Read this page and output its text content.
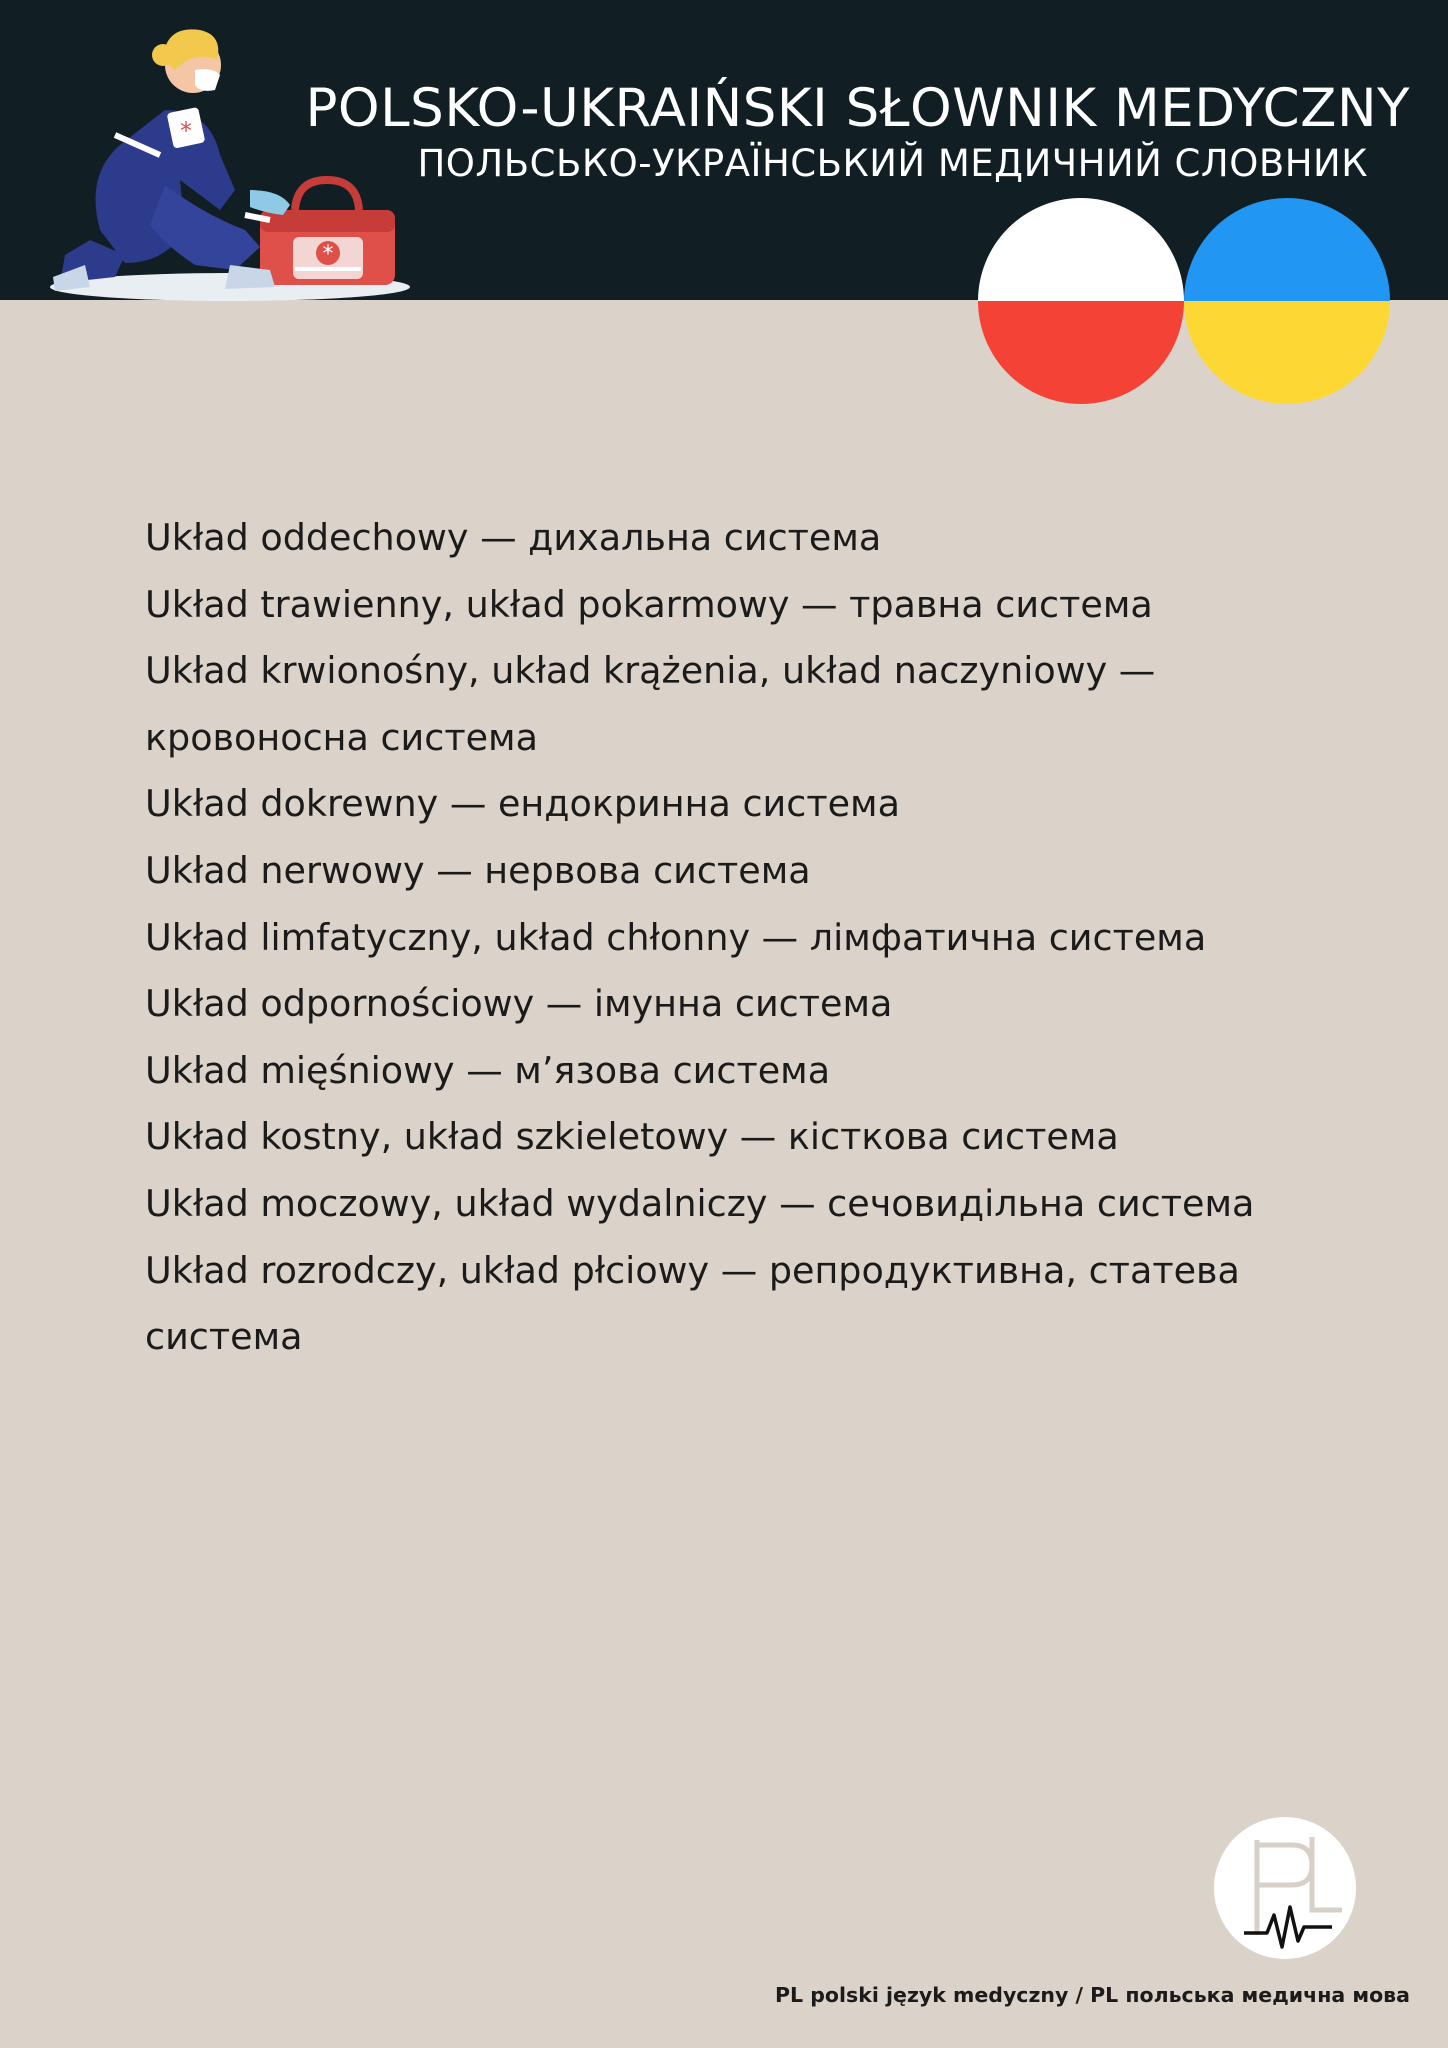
*
* POLSKO-UKRAIŃSKI SŁOWNIK MEDYCZNY
ПОЛЬСЬКО-УКРАЇНСЬКИЙ МЕДИЧНИЙ СЛОВНИК

Układ oddechowy — дихальна система

Układ trawienny, układ pokarmowy — травна система

Układ krwionośny, układ krążenia, układ naczyniowy — кровоносна система

Układ dokrewny — ендокринна система

Układ nerwowy — нервова система

Układ limfatyczny, układ chłonny — лімфатична система

Układ odpornościowy — імунна система

Układ mięśniowy — м’язова система

Układ kostny, układ szkieletowy — кісткова система

Układ moczowy, układ wydalniczy — сечовидільна система

Układ rozrodczy, układ płciowy — репродуктивна, статева система

PL polski język medyczny / PL польська медична мова
